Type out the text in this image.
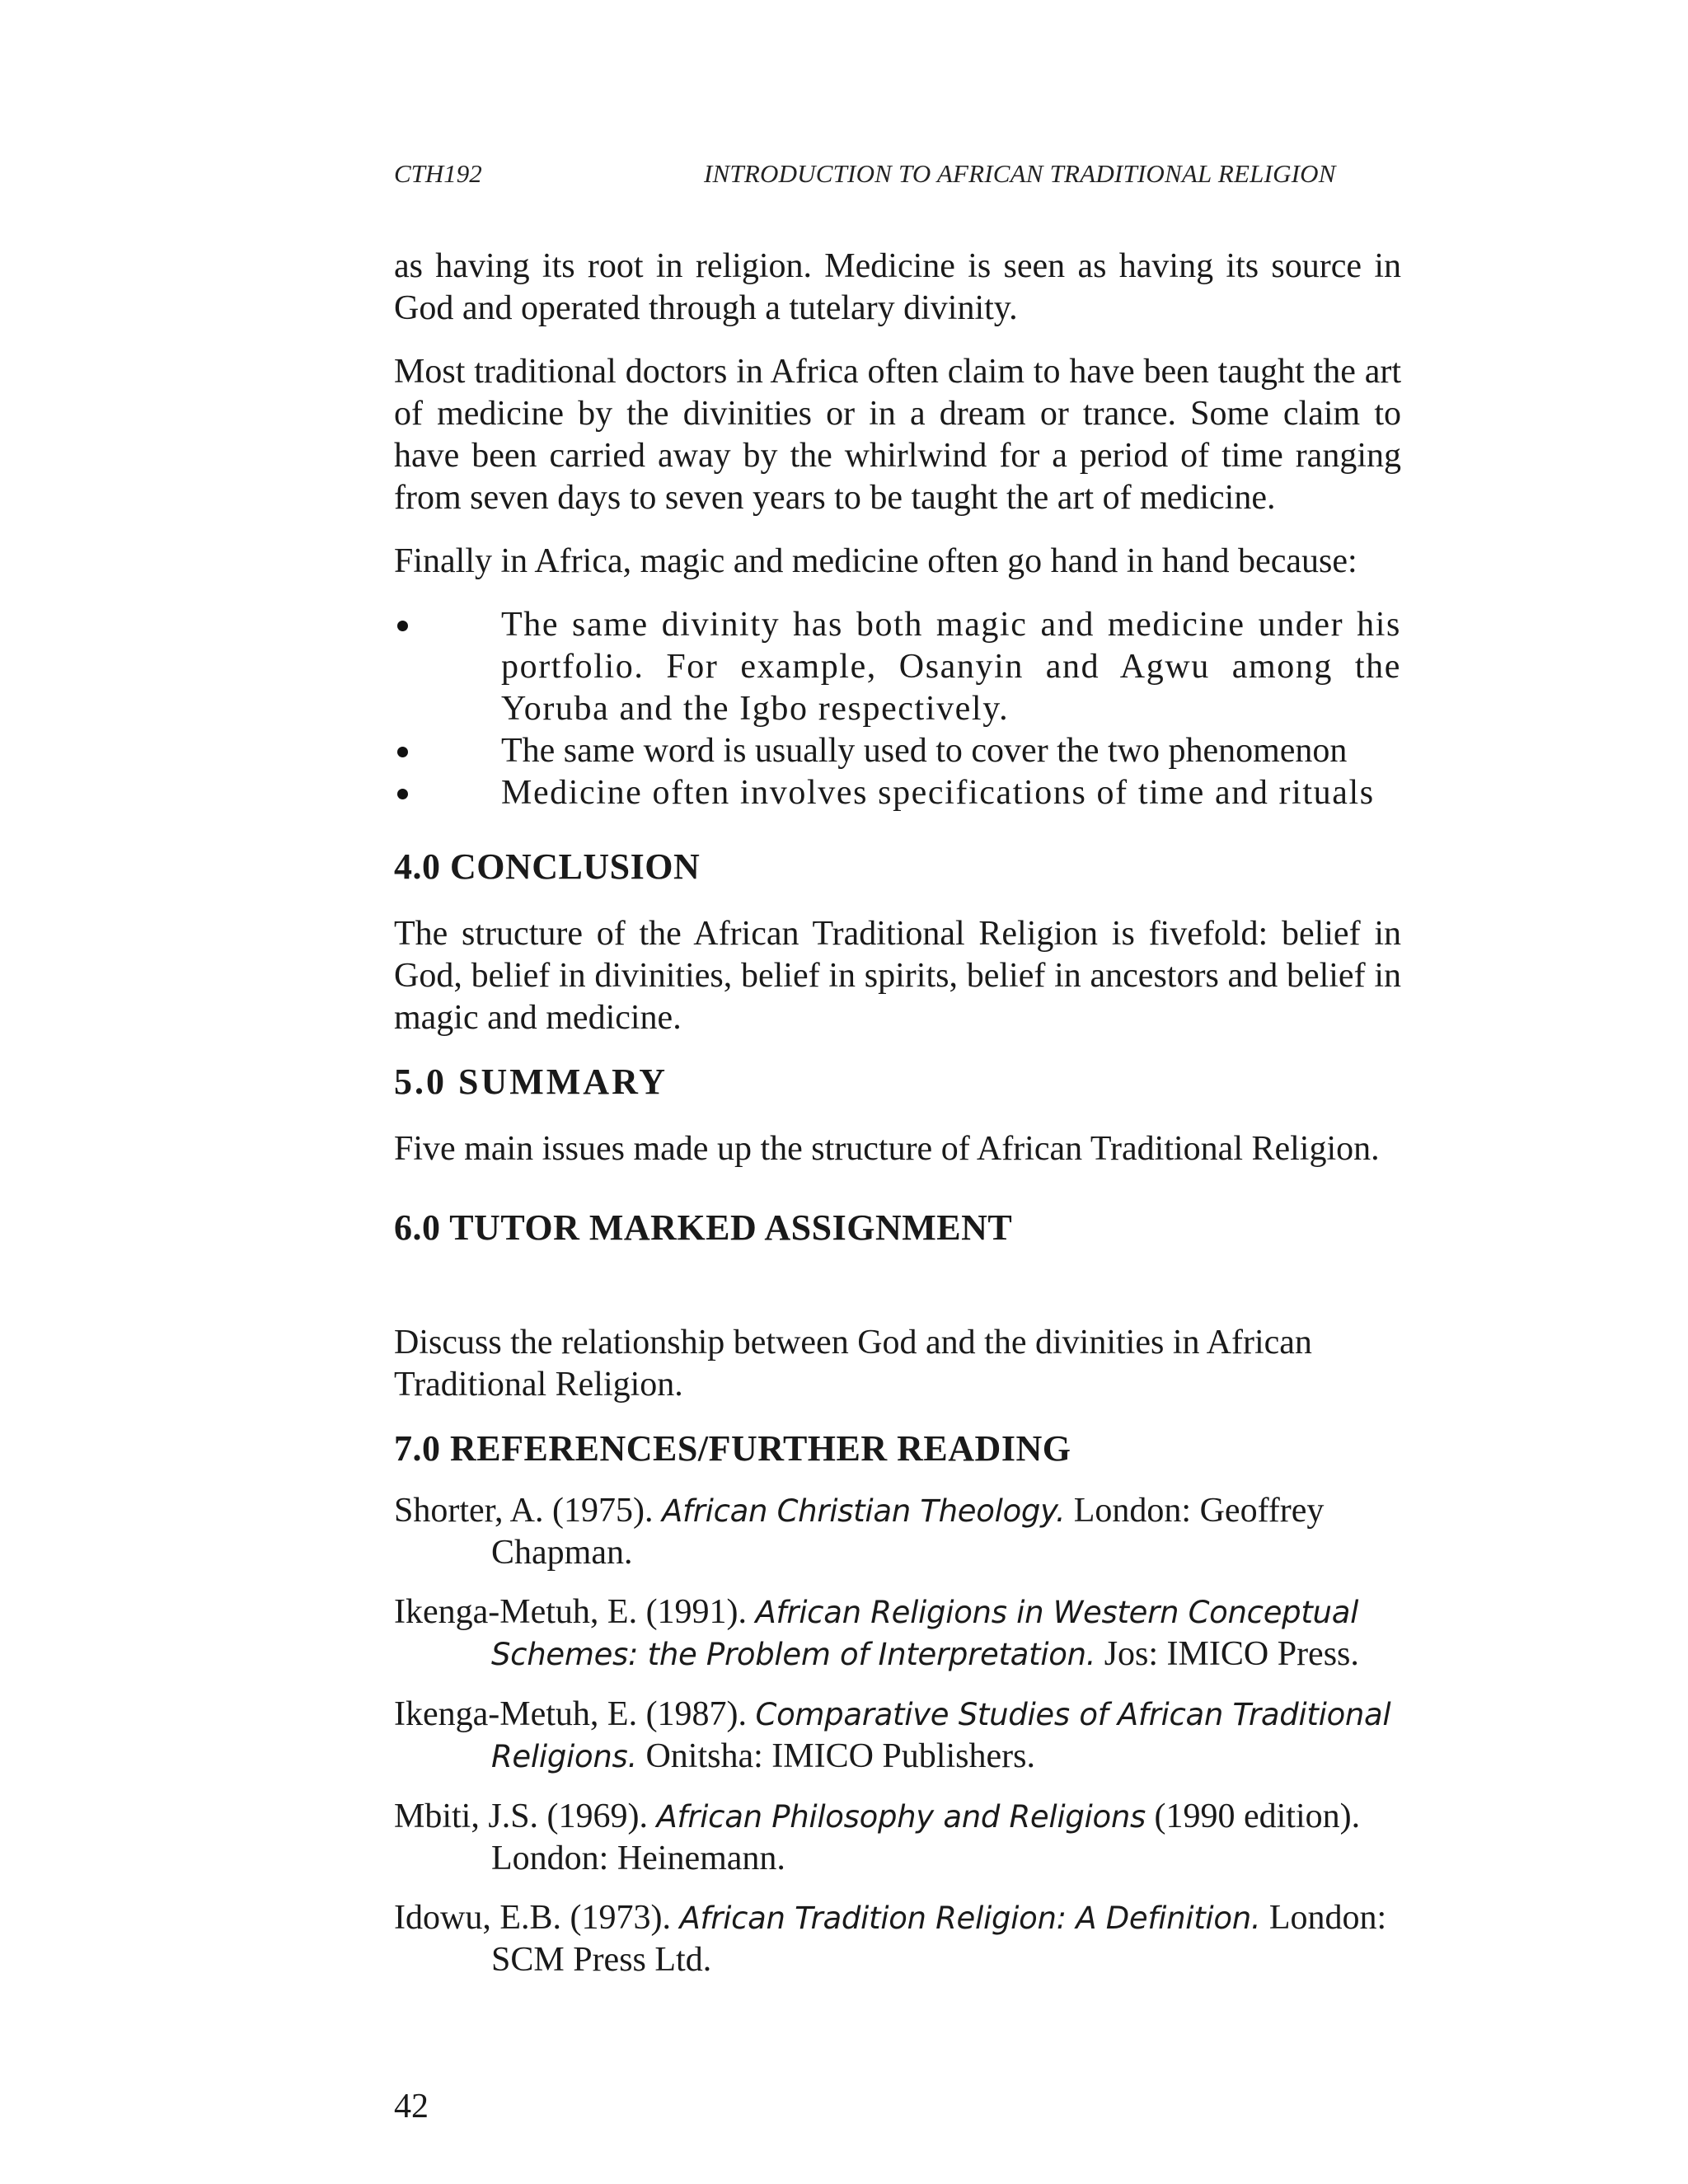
CTH192	INTRODUCTION TO AFRICAN TRADITIONAL RELIGION

as having its root in religion. Medicine is seen as having its source in God and operated through a tutelary divinity.

Most traditional doctors in Africa often claim to have been taught the art of medicine by the divinities or in a dream or trance. Some claim to have been carried away by the whirlwind for a period of time ranging from seven days to seven years to be taught the art of medicine.

Finally in Africa, magic and medicine often go hand in hand because:

The same divinity has both magic and medicine under his portfolio. For example, Osanyin and Agwu among the Yoruba and the Igbo respectively.
The same word is usually used to cover the two phenomenon
Medicine often involves specifications of time and rituals
4.0 CONCLUSION

The structure of the African Traditional Religion is fivefold: belief in God, belief in divinities, belief in spirits, belief in ancestors and belief in magic and medicine.

5.0 SUMMARY

Five main issues made up the structure of African Traditional Religion.

6.0 TUTOR MARKED ASSIGNMENT

Discuss the relationship between God and the divinities in African Traditional Religion.

7.0 REFERENCES/FURTHER READING

Shorter, A. (1975). African Christian Theology. London: Geoffrey Chapman.

Ikenga-Metuh, E. (1991). African Religions in Western Conceptual Schemes: the Problem of Interpretation. Jos: IMICO Press.

Ikenga-Metuh, E. (1987). Comparative Studies of African Traditional Religions. Onitsha: IMICO Publishers.

Mbiti, J.S. (1969). African Philosophy and Religions (1990 edition). London: Heinemann.

Idowu, E.B. (1973). African Tradition Religion: A Definition. London: SCM Press Ltd.

42
